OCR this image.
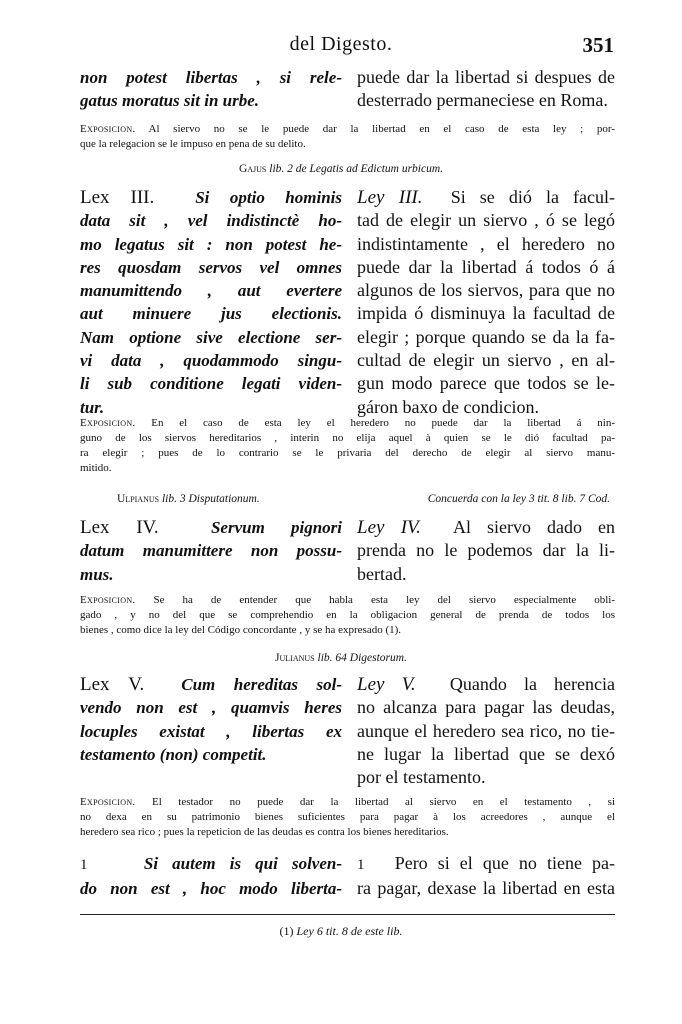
del Digesto.	351
non potest libertas , si rele-
gatus moratus sit in urbe.
puede dar la libertad si despues de
desterrado permaneciese en Roma.
Exposicion. Al siervo no se le puede dar la libertad en el caso de esta ley ; por-
que la relegacion se le impuso en pena de su delito.
Gajus lib. 2 de Legatis ad Edictum urbicum.
Lex III. Si optio hominis
data sit , vel indistinctè ho-
mo legatus sit : non potest he-
res quosdam servos vel omnes
manumittendo , aut evertere
aut minuere jus electionis.
Nam optione sive electione ser-
vi data , quodammodo singu-
li sub conditione legati viden-
tur.
Ley III. Si se dió la facul-
tad de elegir un siervo , ó se legó
indistintamente , el heredero no
puede dar la libertad á todos ó á
algunos de los siervos, para que no
impida ó disminuya la facultad de
elegir ; porque quando se da la fa-
cultad de elegir un siervo , en al-
gun modo parece que todos se le-
gáron baxo de condicion.
Exposicion. En el caso de esta ley el heredero no puede dar la libertad á nin-
guno de los siervos hereditarios , interin no elija aquel à quien se le dió facultad pa-
ra elegir ; pues de lo contrario se le privaria del derecho de elegir al siervo manu-
mitido.
Ulpianus lib. 3 Disputationum.	Concuerda con la ley 3 tit. 8 lib. 7 Cod.
Lex IV.	Servum pignori
datum manumittere non possu-
mus.
Ley IV. Al siervo dado en
prenda no le podemos dar la li-
bertad.
Exposicion. Se ha de entender que habla esta ley del siervo especialmente obli-
gado , y no del que se comprehendio en la obligacion general de prenda de todos los
bienes , como dice la ley del Código concordante , y se ha expresado (1).
Julianus lib. 64 Digestorum.
Lex V. Cum hereditas sol-
vendo non est , quamvis heres
locuples existat , libertas ex
testamento (non) competit.
Ley V. Quando la herencia
no alcanza para pagar las deudas,
aunque el heredero sea rico, no tie-
ne lugar la libertad que se dexó
por el testamento.
Exposicion. El testador no puede dar la libertad al siervo en el testamento , si
no dexa en su patrimonio bienes suficientes para pagar à los acreedores , aunque el
heredero sea rico ; pues la repeticion de las deudas es contra los bienes hereditarios.
1	Si autem is qui solven-
do non est , hoc modo liberta-
1 Pero si el que no tiene pa-
ra pagar, dexase la libertad en esta
(1) Ley 6 tit. 8 de este lib.
